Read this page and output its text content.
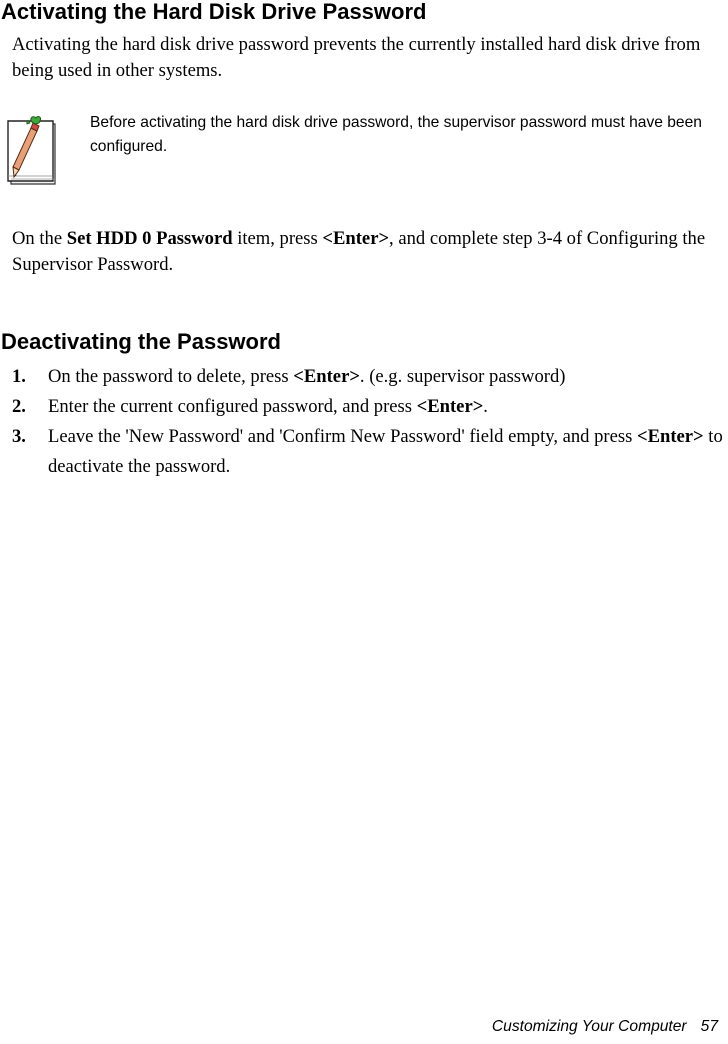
Activating the Hard Disk Drive Password

Activating the hard disk drive password prevents the currently installed hard disk drive from being used in other systems.

Before activating the hard disk drive password, the supervisor password must have been configured.

On the Set HDD 0 Password item, press <Enter>, and complete step 3-4 of Configuring the Supervisor Password.

Deactivating the Password
1. On the password to delete, press <Enter>. (e.g. supervisor password)
2. Enter the current configured password, and press <Enter>.
3. Leave the 'New Password' and 'Confirm New Password' field empty, and press <Enter> to deactivate the password.
Customizing Your Computer 57
